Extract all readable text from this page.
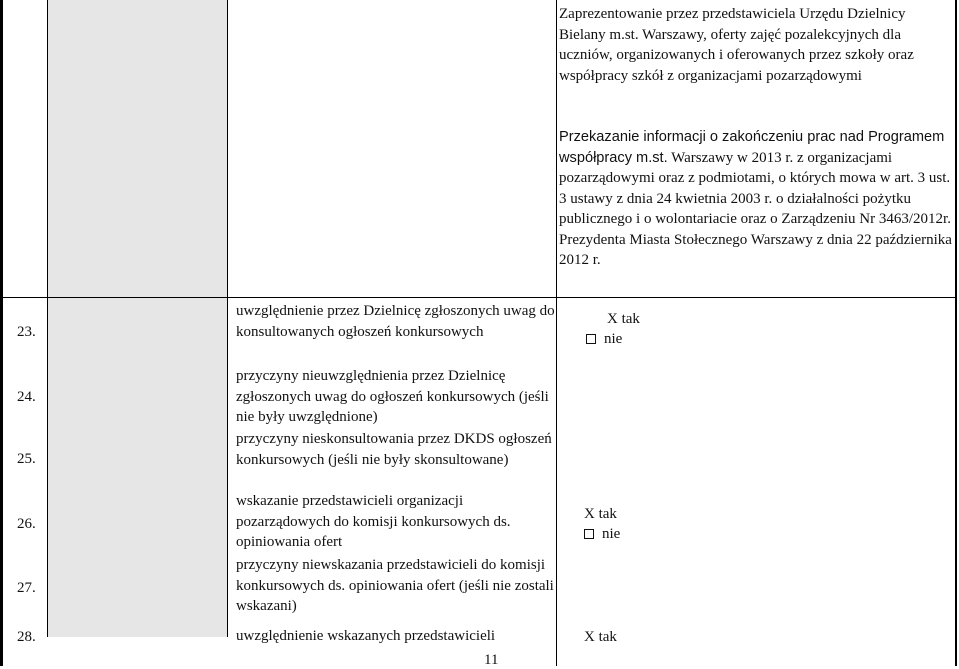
Zaprezentowanie przez przedstawiciela Urzędu Dzielnicy Bielany m.st. Warszawy, oferty zajęć pozalekcyjnych dla uczniów, organizowanych i oferowanych przez szkoły oraz współpracy szkół z organizacjami pozarządowymi
Przekazanie informacji o zakończeniu prac nad Programem współpracy m.st. Warszawy w 2013 r. z organizacjami pozarządowymi oraz z podmiotami, o których mowa w art. 3 ust. 3 ustawy z dnia 24 kwietnia 2003 r. o działalności pożytku publicznego i o wolontariacie oraz o Zarządzeniu Nr 3463/2012r. Prezydenta Miasta Stołecznego Warszawy z dnia 22 października 2012 r.
23.
24.
25.
26.
27.
28.
uwzględnienie przez Dzielnicę zgłoszonych uwag do konsultowanych ogłoszeń konkursowych
przyczyny nieuwzględnienia przez Dzielnicę zgłoszonych uwag do ogłoszeń konkursowych (jeśli nie były uwzględnione)
przyczyny nieskonsultowania przez DKDS ogłoszeń konkursowych (jeśli nie były skonsultowane)
wskazanie przedstawicieli organizacji pozarządowych do komisji konkursowych ds. opiniowania ofert
przyczyny niewskazania przedstawicieli do komisji konkursowych ds. opiniowania ofert (jeśli nie zostali wskazani)
uwzględnienie wskazanych przedstawicieli
X tak
nie
X tak
nie
X tak
11
